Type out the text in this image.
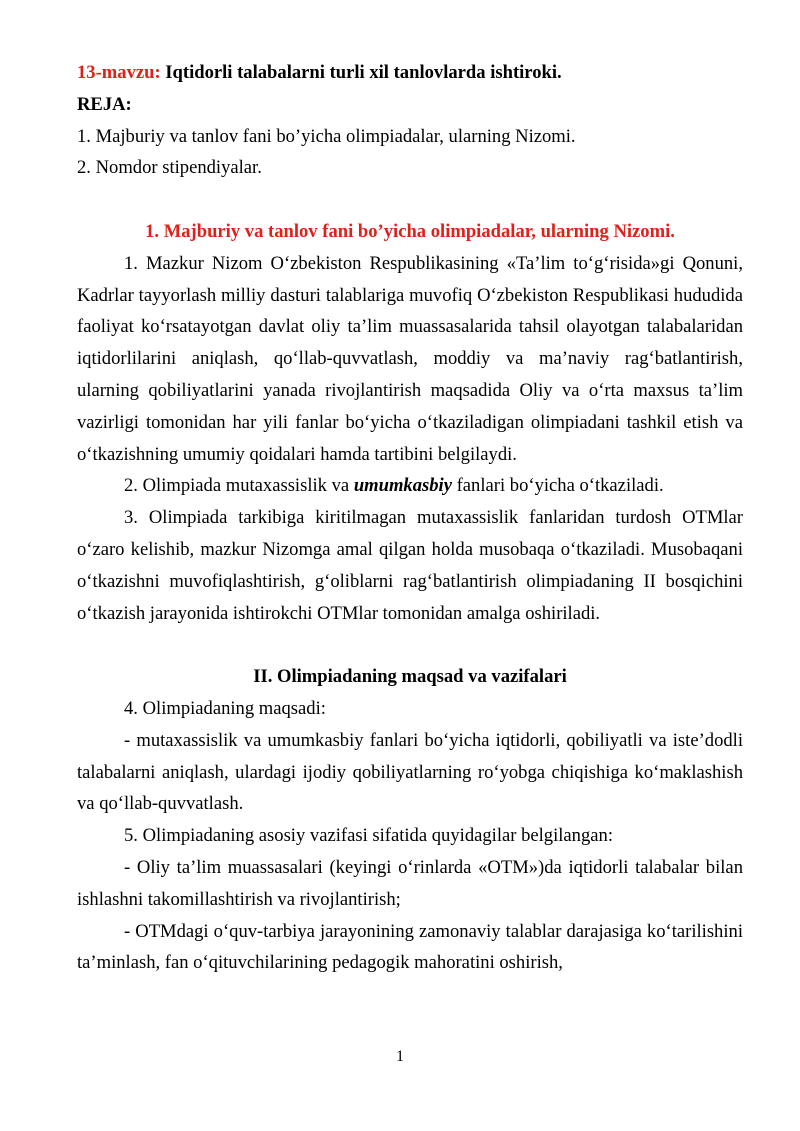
13-mavzu: Iqtidorli talabalarni turli xil tanlovlarda ishtiroki.

REJA:

1. Majburiy va tanlov fani bo’yicha olimpiadalar, ularning Nizomi.

2. Nomdor stipendiyalar.

1. Majburiy va tanlov fani bo’yicha olimpiadalar, ularning Nizomi.

1. Mazkur Nizom O‘zbekiston Respublikasining «Ta’lim to‘g‘risida»gi Qonuni, Kadrlar tayyorlash milliy dasturi talablariga muvofiq O‘zbekiston Respublikasi hududida faoliyat ko‘rsatayotgan davlat oliy ta’lim muassasalarida tahsil olayotgan talabalaridan iqtidorlilarini aniqlash, qo‘llab-quvvatlash, moddiy va ma’naviy rag‘batlantirish, ularning qobiliyatlarini yanada rivojlantirish maqsadida Oliy va o‘rta maxsus ta’lim vazirligi tomonidan har yili fanlar bo‘yicha o‘tkaziladigan olimpiadani tashkil etish va o‘tkazishning umumiy qoidalari hamda tartibini belgilaydi.

2. Olimpiada mutaxassislik va umumkasbiy fanlari bo‘yicha o‘tkaziladi.

3. Olimpiada tarkibiga kiritilmagan mutaxassislik fanlaridan turdosh OTMlar o‘zaro kelishib, mazkur Nizomga amal qilgan holda musobaqa o‘tkaziladi. Musobaqani o‘tkazishni muvofiqlashtirish, g‘oliblarni rag‘batlantirish olimpiadaning II bosqichini o‘tkazish jarayonida ishtirokchi OTMlar tomonidan amalga oshiriladi.

II. Olimpiadaning maqsad va vazifalari

4. Olimpiadaning maqsadi:

- mutaxassislik va umumkasbiy fanlari bo‘yicha iqtidorli, qobiliyatli va iste’dodli talabalarni aniqlash, ulardagi ijodiy qobiliyatlarning ro‘yobga chiqishiga ko‘maklashish va qo‘llab-quvvatlash.

5. Olimpiadaning asosiy vazifasi sifatida quyidagilar belgilangan:

- Oliy ta’lim muassasalari (keyingi o‘rinlarda «OTM»)da iqtidorli talabalar bilan ishlashni takomillashtirish va rivojlantirish;

- OTMdagi o‘quv-tarbiya jarayonining zamonaviy talablar darajasiga ko‘tarilishini ta’minlash, fan o‘qituvchilarining pedagogik mahoratini oshirish,

1
